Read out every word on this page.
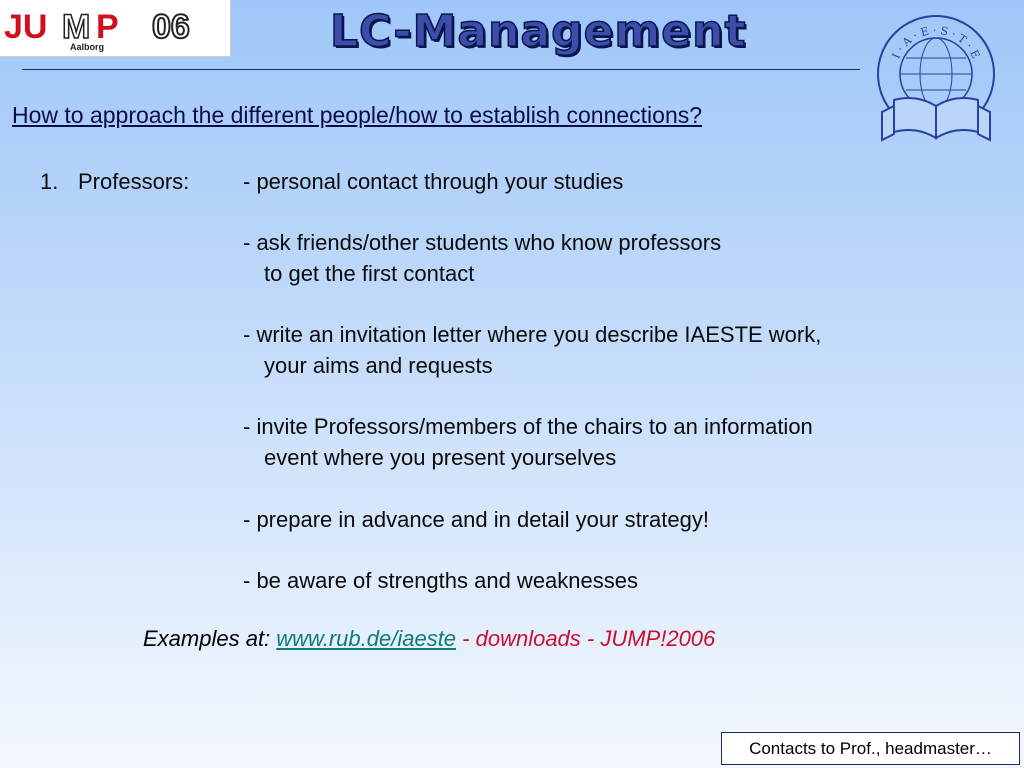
JU M P 06
Aalborg	LC-Management	I · A · E · S · T · E
How to approach the different people/how to establish connections?
1. Professors: - personal contact through your studies
- ask friends/other students who know professors
to get the first contact
- write an invitation letter where you describe IAESTE work,
your aims and requests
- invite Professors/members of the chairs to an information
event where you present yourselves
- prepare in advance and in detail your strategy!
- be aware of strengths and weaknesses
Examples at: www.rub.de/iaeste - downloads - JUMP!2006
Contacts to Prof., headmaster…
